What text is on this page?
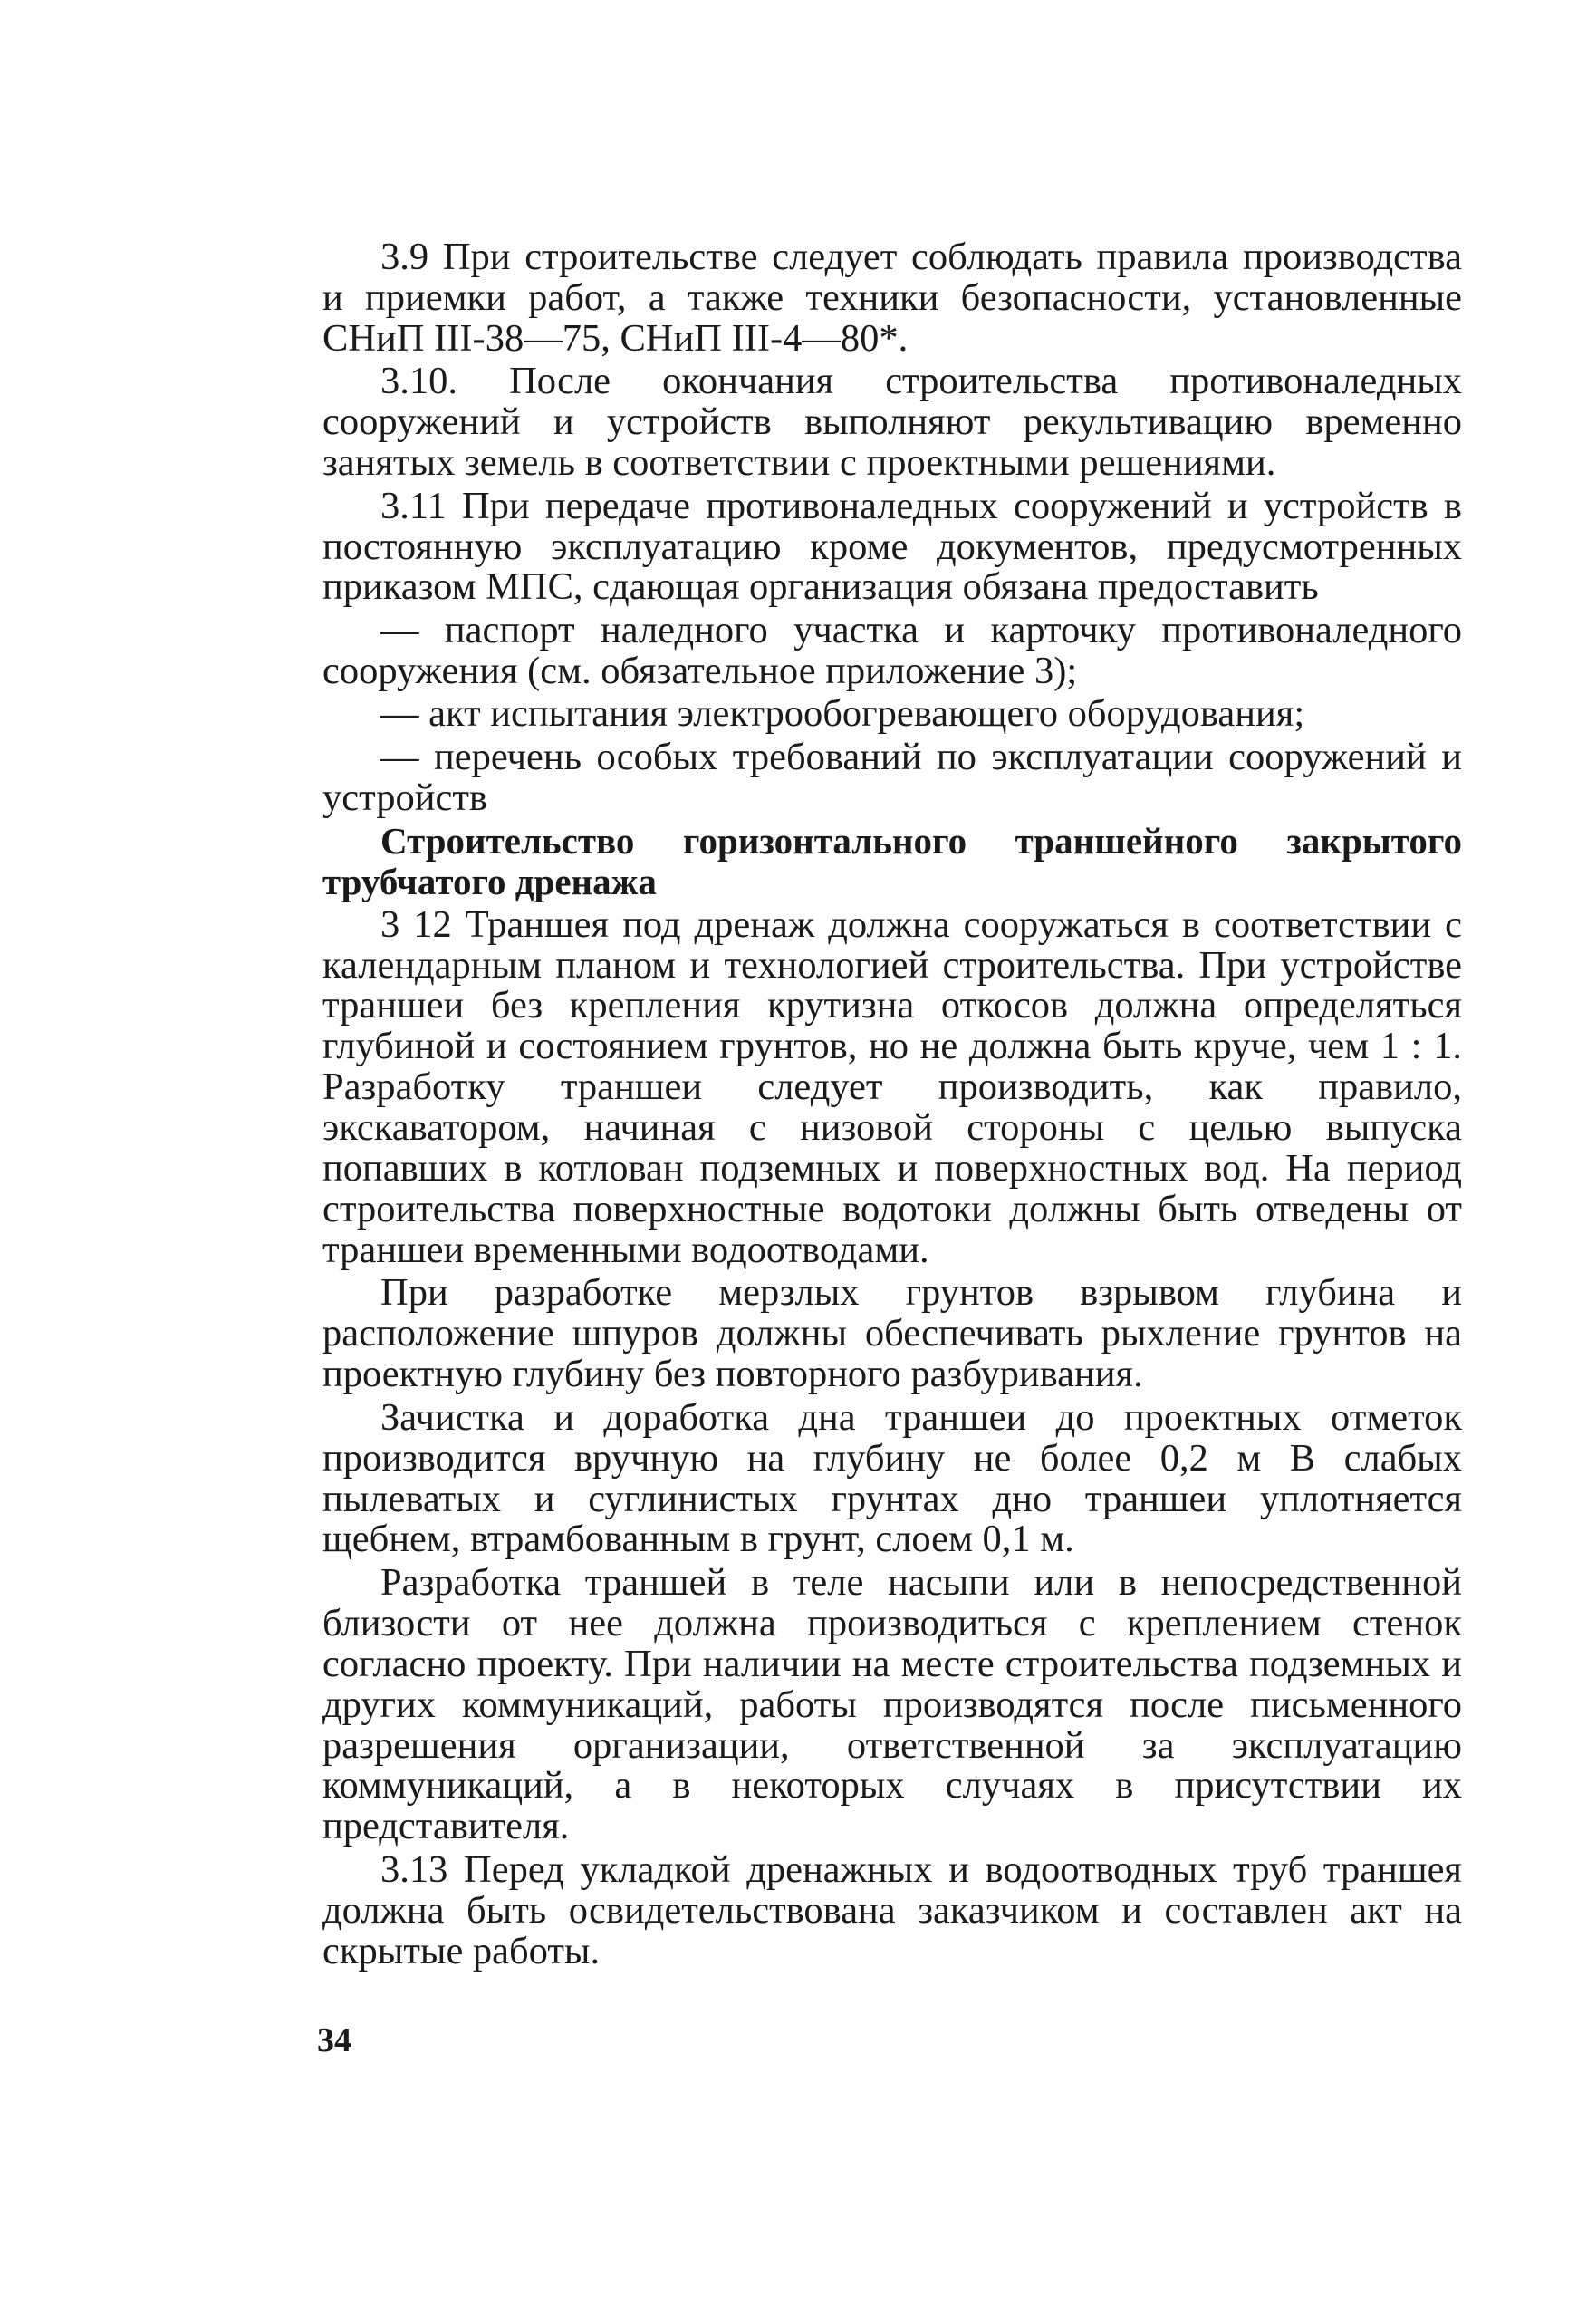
3.9 При строительстве следует соблюдать правила производства и приемки работ, а также техники безопасности, установленные СНиП III-38—75, СНиП III-4—80*.

3.10. После окончания строительства противоналедных сооружений и устройств выполняют рекультивацию временно занятых земель в соответствии с проектными решениями.

3.11 При передаче противоналедных сооружений и устройств в постоянную эксплуатацию кроме документов, предусмотренных приказом МПС, сдающая организация обязана предоставить

— паспорт наледного участка и карточку противоналедного сооружения (см. обязательное приложение 3);

— акт испытания электрообогревающего оборудования;

— перечень особых требований по эксплуатации сооружений и устройств

Строительство горизонтального траншейного закрытого трубчатого дренажа

3 12 Траншея под дренаж должна сооружаться в соответствии с календарным планом и технологией строительства. При устройстве траншеи без крепления крутизна откосов должна определяться глубиной и состоянием грунтов, но не должна быть круче, чем 1 : 1. Разработку траншеи следует производить, как правило, экскаватором, начиная с низовой стороны с целью выпуска попавших в котлован подземных и поверхностных вод. На период строительства поверхностные водотоки должны быть отведены от траншеи временными водоотводами.

При разработке мерзлых грунтов взрывом глубина и расположение шпуров должны обеспечивать рыхление грунтов на проектную глубину без повторного разбуривания.

Зачистка и доработка дна траншеи до проектных отметок производится вручную на глубину не более 0,2 м В слабых пылеватых и суглинистых грунтах дно траншеи уплотняется щебнем, втрамбованным в грунт, слоем 0,1 м.

Разработка траншей в теле насыпи или в непосредственной близости от нее должна производиться с креплением стенок согласно проекту. При наличии на месте строительства подземных и других коммуникаций, работы производятся после письменного разрешения организации, ответственной за эксплуатацию коммуникаций, а в некоторых случаях в присутствии их представителя.

3.13 Перед укладкой дренажных и водоотводных труб траншея должна быть освидетельствована заказчиком и составлен акт на скрытые работы.

34
